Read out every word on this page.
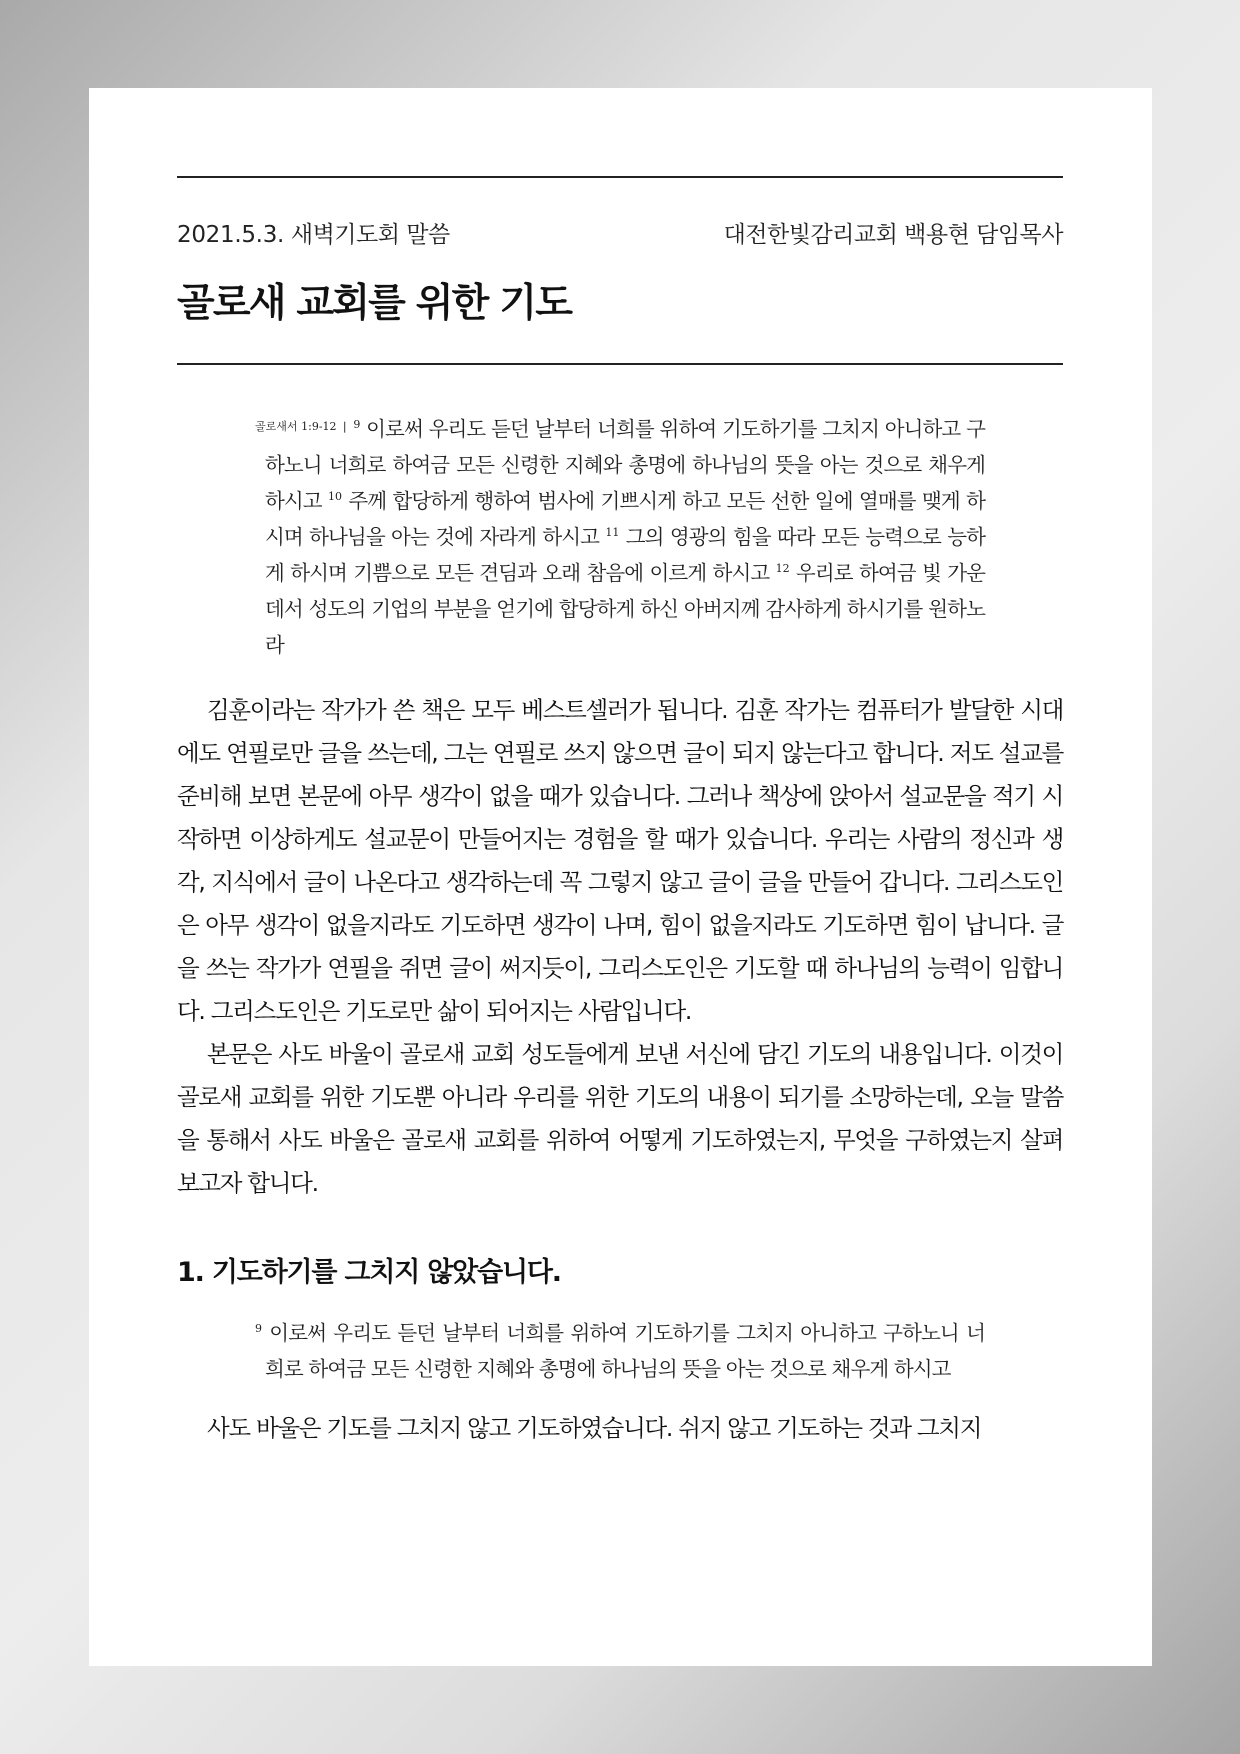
2021.5.3. 새벽기도회 말씀	대전한빛감리교회 백용현 담임목사
골로새 교회를 위한 기도
$^{골로새서 1:9-12 ❘}$ $^9$ 이로써 우리도 듣던 날부터 너희를 위하여 기도하기를 그치지 아니하고 구하노니 너희로 하여금 모든 신령한 지혜와 총명에 하나님의 뜻을 아는 것으로 채우게 하시고 $^{10}$ 주께 합당하게 행하여 범사에 기쁘시게 하고 모든 선한 일에 열매를 맺게 하시며 하나님을 아는 것에 자라게 하시고 $^{11}$ 그의 영광의 힘을 따라 모든 능력으로 능하게 하시며 기쁨으로 모든 견딤과 오래 참음에 이르게 하시고 $^{12}$ 우리로 하여금 빛 가운데서 성도의 기업의 부분을 얻기에 합당하게 하신 아버지께 감사하게 하시기를 원하노라

김훈이라는 작가가 쓴 책은 모두 베스트셀러가 됩니다. 김훈 작가는 컴퓨터가 발달한 시대에도 연필로만 글을 쓰는데, 그는 연필로 쓰지 않으면 글이 되지 않는다고 합니다. 저도 설교를 준비해 보면 본문에 아무 생각이 없을 때가 있습니다. 그러나 책상에 앉아서 설교문을 적기 시작하면 이상하게도 설교문이 만들어지는 경험을 할 때가 있습니다. 우리는 사람의 정신과 생각, 지식에서 글이 나온다고 생각하는데 꼭 그렇지 않고 글이 글을 만들어 갑니다. 그리스도인은 아무 생각이 없을지라도 기도하면 생각이 나며, 힘이 없을지라도 기도하면 힘이 납니다. 글을 쓰는 작가가 연필을 쥐면 글이 써지듯이, 그리스도인은 기도할 때 하나님의 능력이 임합니다. 그리스도인은 기도로만 삶이 되어지는 사람입니다.

본문은 사도 바울이 골로새 교회 성도들에게 보낸 서신에 담긴 기도의 내용입니다. 이것이 골로새 교회를 위한 기도뿐 아니라 우리를 위한 기도의 내용이 되기를 소망하는데, 오늘 말씀을 통해서 사도 바울은 골로새 교회를 위하여 어떻게 기도하였는지, 무엇을 구하였는지 살펴보고자 합니다.

1. 기도하기를 그치지 않았습니다.
$^9$ 이로써 우리도 듣던 날부터 너희를 위하여 기도하기를 그치지 아니하고 구하노니 너희로 하여금 모든 신령한 지혜와 총명에 하나님의 뜻을 아는 것으로 채우게 하시고

사도 바울은 기도를 그치지 않고 기도하였습니다. 쉬지 않고 기도하는 것과 그치지
